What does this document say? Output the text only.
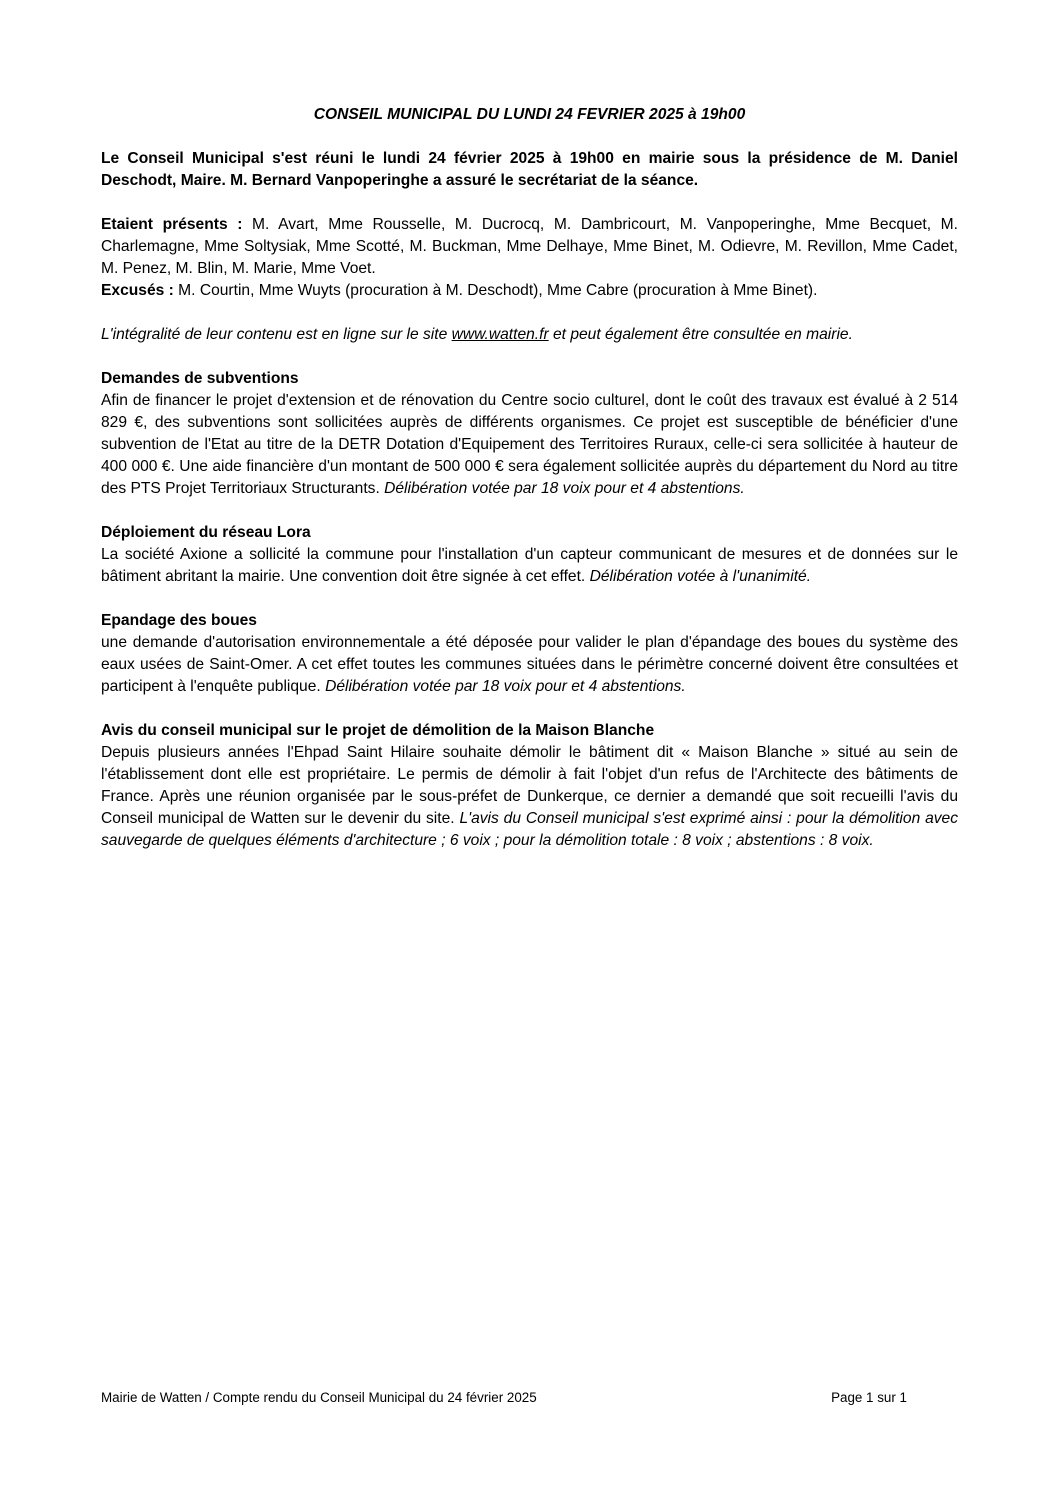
CONSEIL MUNICIPAL DU LUNDI 24 FEVRIER 2025 à 19h00

Le Conseil Municipal s'est réuni le lundi 24 février 2025 à 19h00 en mairie sous la présidence de M. Daniel Deschodt, Maire. M. Bernard Vanpoperinghe a assuré le secrétariat de la séance.

Etaient présents : M. Avart, Mme Rousselle, M. Ducrocq, M. Dambricourt, M. Vanpoperinghe, Mme Becquet, M. Charlemagne, Mme Soltysiak, Mme Scotté, M. Buckman, Mme Delhaye, Mme Binet, M. Odievre, M. Revillon, Mme Cadet, M. Penez, M. Blin, M. Marie, Mme Voet.

Excusés : M. Courtin, Mme Wuyts (procuration à M. Deschodt), Mme Cabre (procuration à Mme Binet).

L'intégralité de leur contenu est en ligne sur le site www.watten.fr et peut également être consultée en mairie.

Demandes de subventions

Afin de financer le projet d'extension et de rénovation du Centre socio culturel, dont le coût des travaux est évalué à 2 514 829 €, des subventions sont sollicitées auprès de différents organismes. Ce projet est susceptible de bénéficier d'une subvention de l'Etat au titre de la DETR Dotation d'Equipement des Territoires Ruraux, celle-ci sera sollicitée à hauteur de 400 000 €. Une aide financière d'un montant de 500 000 € sera également sollicitée auprès du département du Nord au titre des PTS Projet Territoriaux Structurants. Délibération votée par 18 voix pour et 4 abstentions.

Déploiement du réseau Lora

La société Axione a sollicité la commune pour l'installation d'un capteur communicant de mesures et de données sur le bâtiment abritant la mairie. Une convention doit être signée à cet effet. Délibération votée à l'unanimité.

Epandage des boues

une demande d'autorisation environnementale a été déposée pour valider le plan d'épandage des boues du système des eaux usées de Saint-Omer. A cet effet toutes les communes situées dans le périmètre concerné doivent être consultées et participent à l'enquête publique. Délibération votée par 18 voix pour et 4 abstentions.

Avis du conseil municipal sur le projet de démolition de la Maison Blanche

Depuis plusieurs années l'Ehpad Saint Hilaire souhaite démolir le bâtiment dit « Maison Blanche » situé au sein de l'établissement dont elle est propriétaire. Le permis de démolir à fait l'objet d'un refus de l'Architecte des bâtiments de France. Après une réunion organisée par le sous-préfet de Dunkerque, ce dernier a demandé que soit recueilli l'avis du Conseil municipal de Watten sur le devenir du site. L'avis du Conseil municipal s'est exprimé ainsi : pour la démolition avec sauvegarde de quelques éléments d'architecture ; 6 voix ; pour la démolition totale : 8 voix ; abstentions : 8 voix.

Mairie de Watten / Compte rendu du Conseil Municipal du 24 février 2025	Page 1 sur 1
